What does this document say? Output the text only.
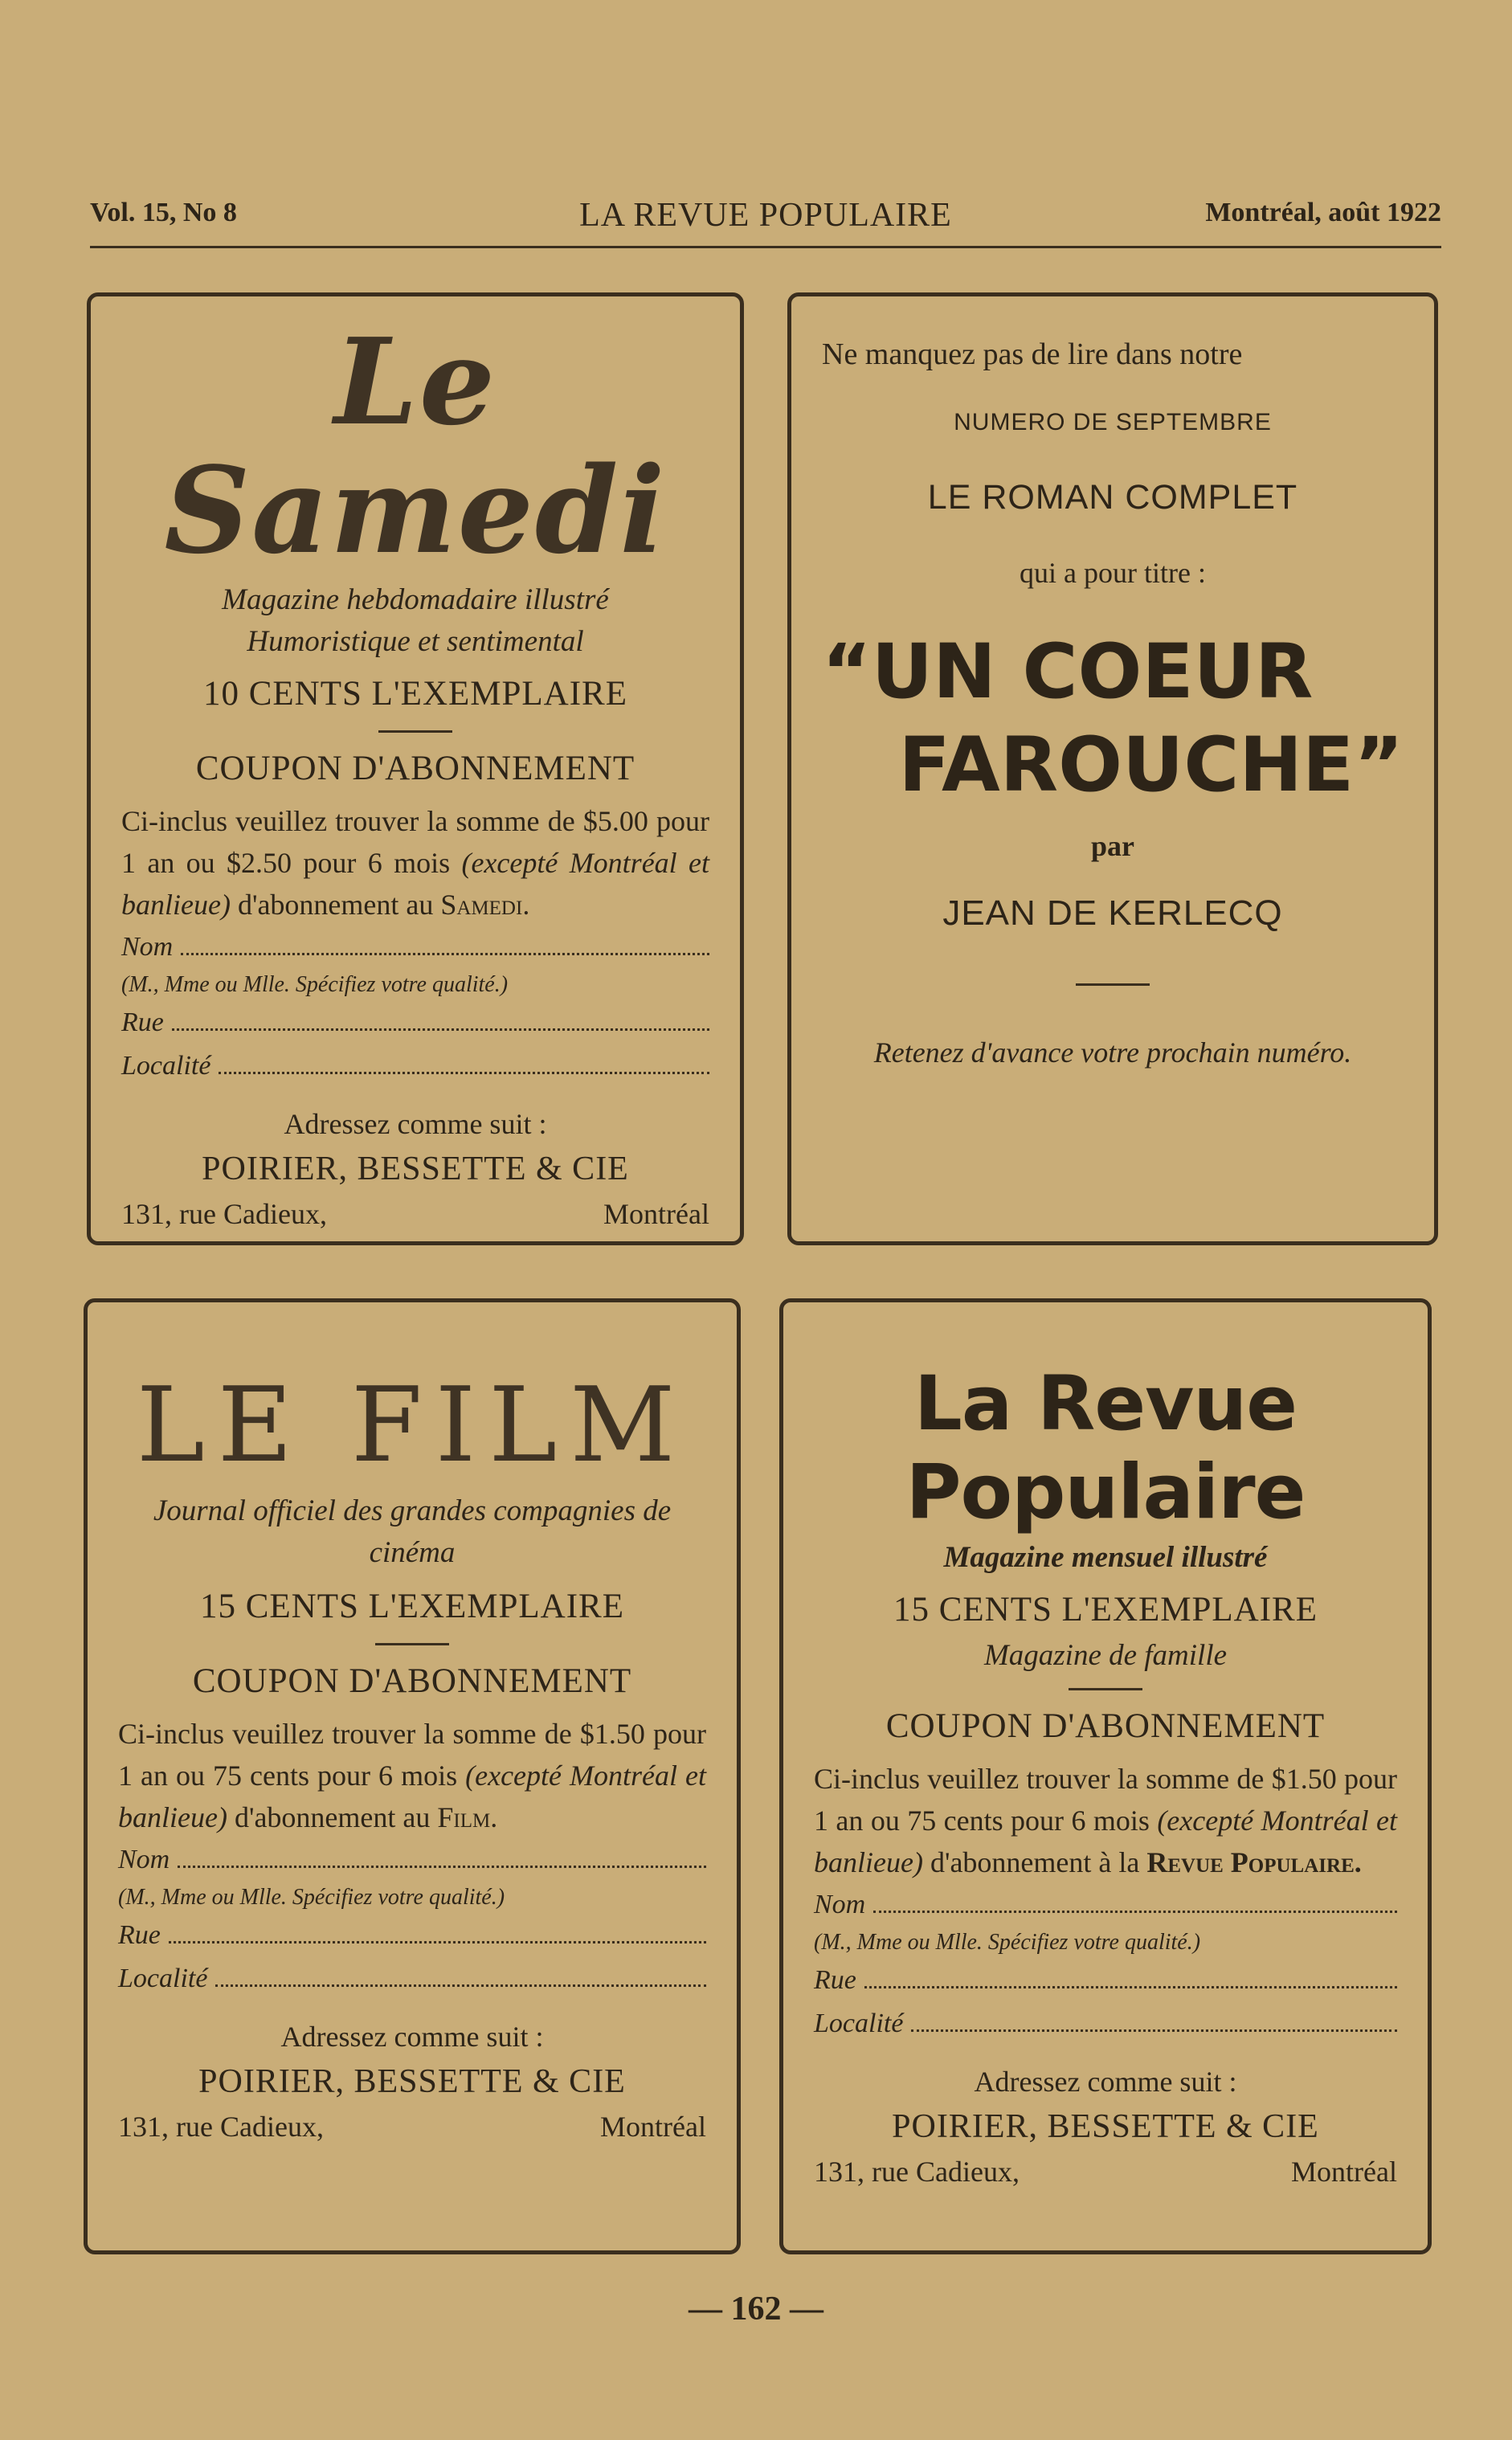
Vol. 15, No 8	LA REVUE POPULAIRE	Montréal, août 1922
Le Samedi
Magazine hebdomadaire illustré
Humoristique et sentimental
10 CENTS L'EXEMPLAIRE
COUPON D'ABONNEMENT
Ci-inclus veuillez trouver la somme de $5.00 pour 1 an ou $2.50 pour 6 mois (excepté Montréal et banlieue) d'abonnement au Samedi.
Nom
(M., Mme ou Mlle. Spécifiez votre qualité.)
Rue
Localité
Adressez comme suit :
POIRIER, BESSETTE & CIE
131, rue Cadieux,	Montréal
Ne manquez pas de lire dans notre
NUMERO DE SEPTEMBRE
LE ROMAN COMPLET
qui a pour titre :
“UN COEUR
FAROUCHE”
par
JEAN DE KERLECQ
Retenez d'avance votre prochain numéro.
LE FILM
Journal officiel des grandes compagnies de cinéma
15 CENTS L'EXEMPLAIRE
COUPON D'ABONNEMENT
Ci-inclus veuillez trouver la somme de $1.50 pour 1 an ou 75 cents pour 6 mois (excepté Montréal et banlieue) d'abonnement au Film.
Nom
(M., Mme ou Mlle. Spécifiez votre qualité.)
Rue
Localité
Adressez comme suit :
POIRIER, BESSETTE & CIE
131, rue Cadieux,	Montréal
La Revue Populaire
Magazine mensuel illustré
15 CENTS L'EXEMPLAIRE
Magazine de famille
COUPON D'ABONNEMENT
Ci-inclus veuillez trouver la somme de $1.50 pour 1 an ou 75 cents pour 6 mois (excepté Montréal et banlieue) d'abonnement à la Revue Populaire.
Nom
(M., Mme ou Mlle. Spécifiez votre qualité.)
Rue
Localité
Adressez comme suit :
POIRIER, BESSETTE & CIE
131, rue Cadieux,	Montréal
— 162 —
